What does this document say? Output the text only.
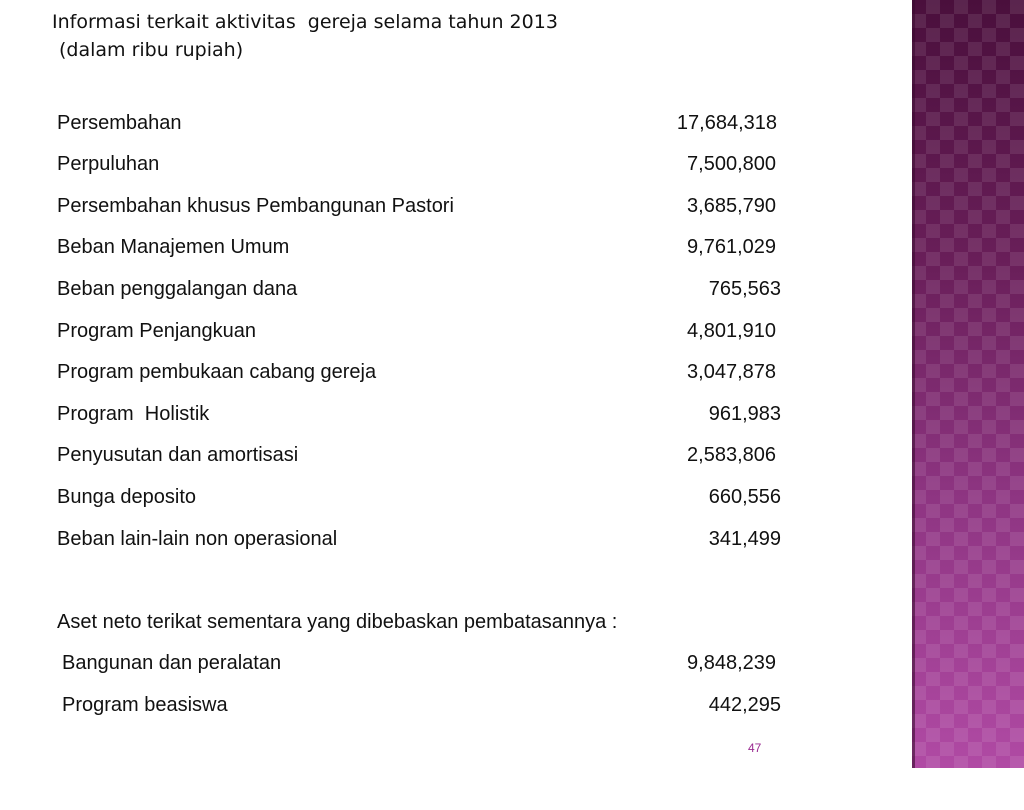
Informasi terkait aktivitas  gereja selama tahun 2013
(dalam ribu rupiah)

Persembahan

	17,684,318

Perpuluhan

	7,500,800

Persembahan khusus Pembangunan Pastori

	3,685,790

Beban Manajemen Umum

	9,761,029

Beban penggalangan dana

	765,563

Program Penjangkuan

	4,801,910

Program pembukaan cabang gereja

	3,047,878

Program  Holistik

	961,983

Penyusutan dan amortisasi

	2,583,806

Bunga deposito

	660,556

Beban lain-lain non operasional

	341,499

Aset neto terikat sementara yang dibebaskan pembatasannya :

Bangunan dan peralatan

	9,848,239

Program beasiswa

	442,295

47
